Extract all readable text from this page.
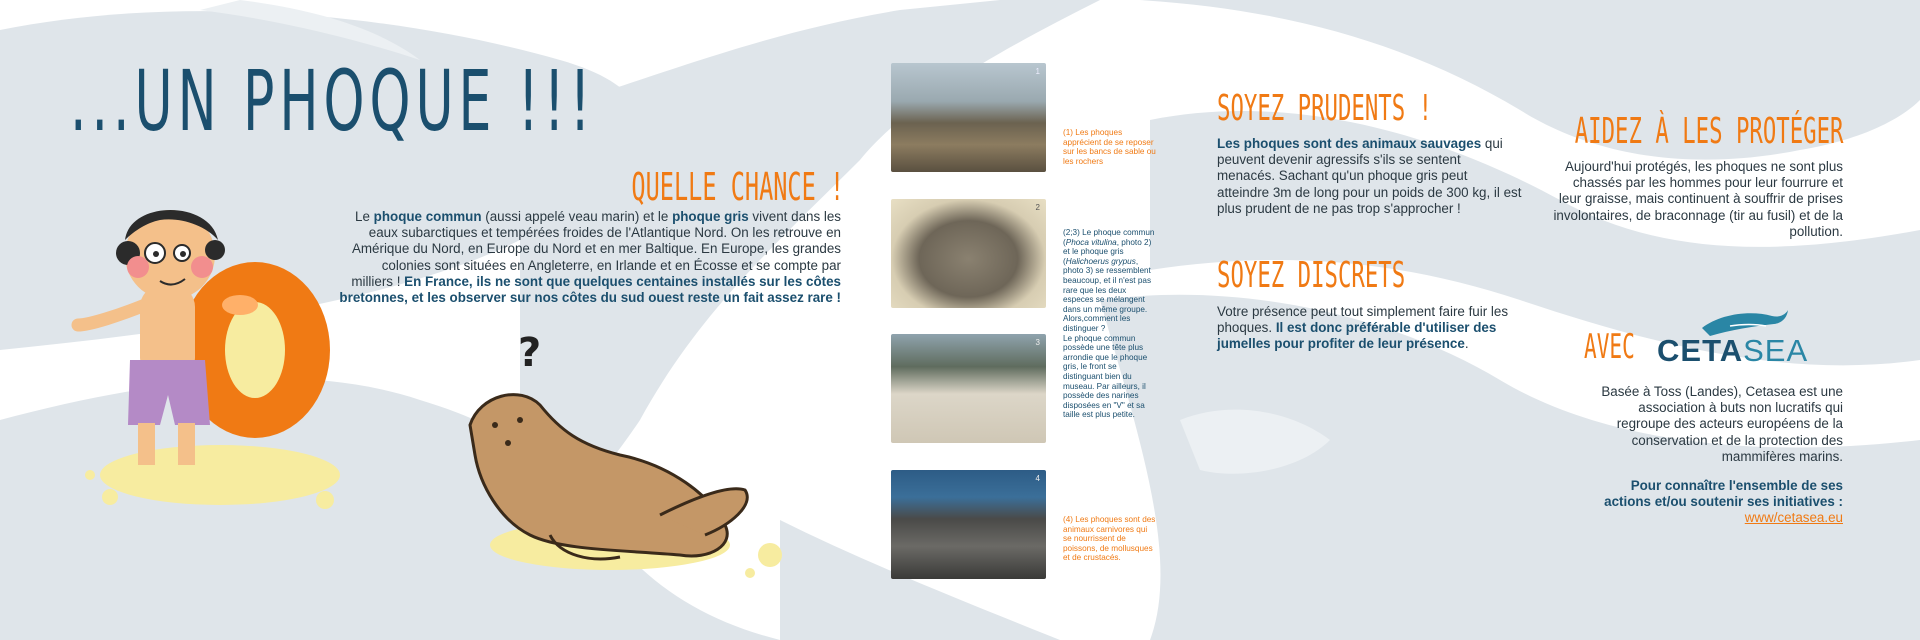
...UN PHOQUE !!!
QUELLE CHANCE !
Le phoque commun (aussi appelé veau marin) et le phoque gris vivent dans les eaux subarctiques et tempérées froides de l'Atlantique Nord. On les retrouve en Amérique du Nord, en Europe du Nord et en mer Baltique. En Europe, les grandes colonies sont situées en Angleterre, en Irlande et en Écosse et se compte par milliers ! En France, ils ne sont que quelques centaines installés sur les côtes bretonnes, et les observer sur nos côtes du sud ouest reste un fait assez rare !
?
1
2
3
4
(1) Les phoques apprécient de se reposer sur les bancs de sable ou les rochers
(2;3) Le phoque commun (Phoca vitulina, photo 2) et le phoque gris (Halichoerus grypus, photo 3) se ressemblent beaucoup, et il n'est pas rare que les deux especes se mélangent dans un même groupe. Alors,comment les distinguer ?
Le phoque commun possède une tête plus arrondie que le phoque gris, le front se distinguant bien du museau. Par ailleurs, il possède des narines disposées en "V" et sa taille est plus petite.
(4) Les phoques sont des animaux carnivores qui se nourrissent de poissons, de mollusques et de crustacés.
SOYEZ PRUDENTS !
Les phoques sont des animaux sauvages qui peuvent devenir agressifs s'ils se sentent menacés. Sachant qu'un phoque gris peut atteindre 3m de long pour un poids de 300 kg, il est plus prudent de ne pas trop s'approcher !
SOYEZ DISCRETS
Votre présence peut tout simplement faire fuir les phoques. Il est donc préférable d'utiliser des jumelles pour profiter de leur présence.
AIDEZ À LES PROTÉGER
Aujourd'hui protégés, les phoques ne sont plus chassés par les hommes pour leur fourrure et leur graisse, mais continuent à souffrir de prises involontaires, de braconnage (tir au fusil) et de la pollution.
AVEC CETASEA
Basée à Toss (Landes), Cetasea est une association à buts non lucratifs qui regroupe des acteurs européens de la conservation et de la protection des mammifères marins.
Pour connaître l'ensemble de ses actions et/ou soutenir ses initiatives :
www/cetasea.eu
